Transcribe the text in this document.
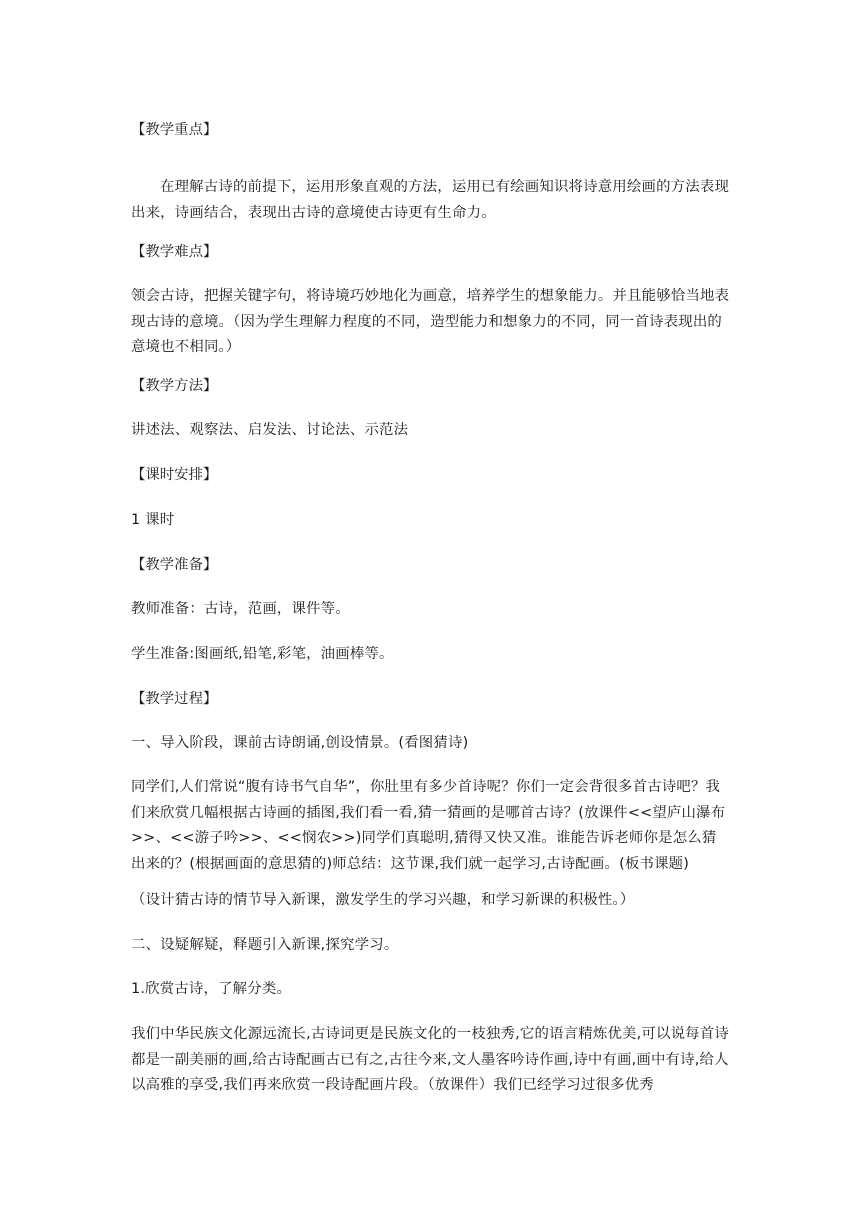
【教学重点】

在理解古诗的前提下，运用形象直观的方法，运用已有绘画知识将诗意用绘画的方法表现出来，诗画结合，表现出古诗的意境使古诗更有生命力。

【教学难点】

领会古诗，把握关键字句，将诗境巧妙地化为画意，培养学生的想象能力。并且能够恰当地表现古诗的意境。（因为学生理解力程度的不同，造型能力和想象力的不同，同一首诗表现出的意境也不相同。）

【教学方法】

讲述法、观察法、启发法、讨论法、示范法

【课时安排】

1 课时

【教学准备】

教师准备：古诗，范画，课件等。

学生准备:图画纸,铅笔,彩笔，油画棒等。

【教学过程】

一、导入阶段，课前古诗朗诵,创设情景。(看图猜诗)

同学们,人们常说“腹有诗书气自华”，你肚里有多少首诗呢？你们一定会背很多首古诗吧？我们来欣赏几幅根据古诗画的插图,我们看一看,猜一猜画的是哪首古诗？(放课件<<望庐山瀑布>>、<<游子吟>>、<<悯农>>)同学们真聪明,猜得又快又准。谁能告诉老师你是怎么猜出来的？(根据画面的意思猜的)师总结：这节课,我们就一起学习,古诗配画。(板书课题)

（设计猜古诗的情节导入新课，激发学生的学习兴趣，和学习新课的积极性。）

二、设疑解疑，释题引入新课,探究学习。

1.欣赏古诗，了解分类。

我们中华民族文化源远流长,古诗词更是民族文化的一枝独秀,它的语言精炼优美,可以说每首诗都是一副美丽的画,给古诗配画古已有之,古往今来,文人墨客吟诗作画,诗中有画,画中有诗,给人以高雅的享受,我们再来欣赏一段诗配画片段。（放课件）我们已经学习过很多优秀
